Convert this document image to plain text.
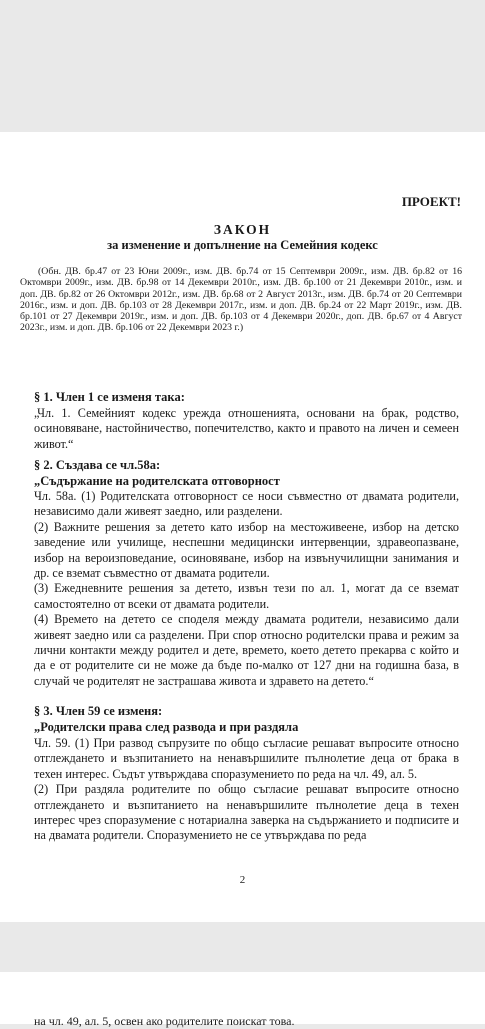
ПРОЕКТ!
ЗАКОН
за изменение и допълнение на Семейния кодекс
(Обн. ДВ. бр.47 от 23 Юни 2009г., изм. ДВ. бр.74 от 15 Септември 2009г., изм. ДВ. бр.82 от 16 Октомври 2009г., изм. ДВ. бр.98 от 14 Декември 2010г., изм. ДВ. бр.100 от 21 Декември 2010г., изм. и доп. ДВ. бр.82 от 26 Октомври 2012г., изм. ДВ. бр.68 от 2 Август 2013г., изм. ДВ. бр.74 от 20 Септември 2016г., изм. и доп. ДВ. бр.103 от 28 Декември 2017г., изм. и доп. ДВ. бр.24 от 22 Март 2019г., изм. ДВ. бр.101 от 27 Декември 2019г., изм. и доп. ДВ. бр.103 от 4 Декември 2020г., доп. ДВ. бр.67 от 4 Август 2023г., изм. и доп. ДВ. бр.106 от 22 Декември 2023 г.)
§ 1. Член 1 се изменя така:
„Чл. 1. Семейният кодекс урежда отношенията, основани на брак, родство, осиновяване, настойничество, попечителство, както и правото на личен и семеен живот.“
§ 2. Създава се чл.58а:
„Съдържание на родителската отговорност

Чл. 58а. (1) Родителската отговорност се носи съвместно от двамата родители, независимо дали живеят заедно, или разделени.

(2) Важните решения за детето като избор на местоживеене, избор на детско заведение или училище, неспешни медицински интервенции, здравеопазване, избор на вероизповедание, осиновяване, избор на извънучилищни занимания и др. се вземат съвместно от двамата родители.

(3) Ежедневните решения за детето, извън тези по ал. 1, могат да се вземат самостоятелно от всеки от двамата родители.

(4) Времето на детето се споделя между двамата родители, независимо дали живеят заедно или са разделени. При спор относно родителски права и режим за лични контакти между родител и дете, времето, което детето прекарва с който и да е от родителите си не може да бъде по-малко от 127 дни на годишна база, в случай че родителят не застрашава живота и здравето на детето.“

§ 3. Член 59 се изменя:
„Родителски права след развода и при раздяла

Чл. 59. (1) При развод съпрузите по общо съгласие решават въпросите относно отглеждането и възпитанието на ненавършилите пълнолетие деца от брака в техен интерес. Съдът утвърждава споразумението по реда на чл. 49, ал. 5.

(2) При раздяла родителите по общо съгласие решават въпросите относно отглеждането и възпитанието на ненавършилите пълнолетие деца в техен интерес чрез споразумение с нотариална заверка на съдържанието и подписите и на двамата родители. Споразумението не се утвърждава по реда

2
на чл. 49, ал. 5, освен ако родителите поискат това.
